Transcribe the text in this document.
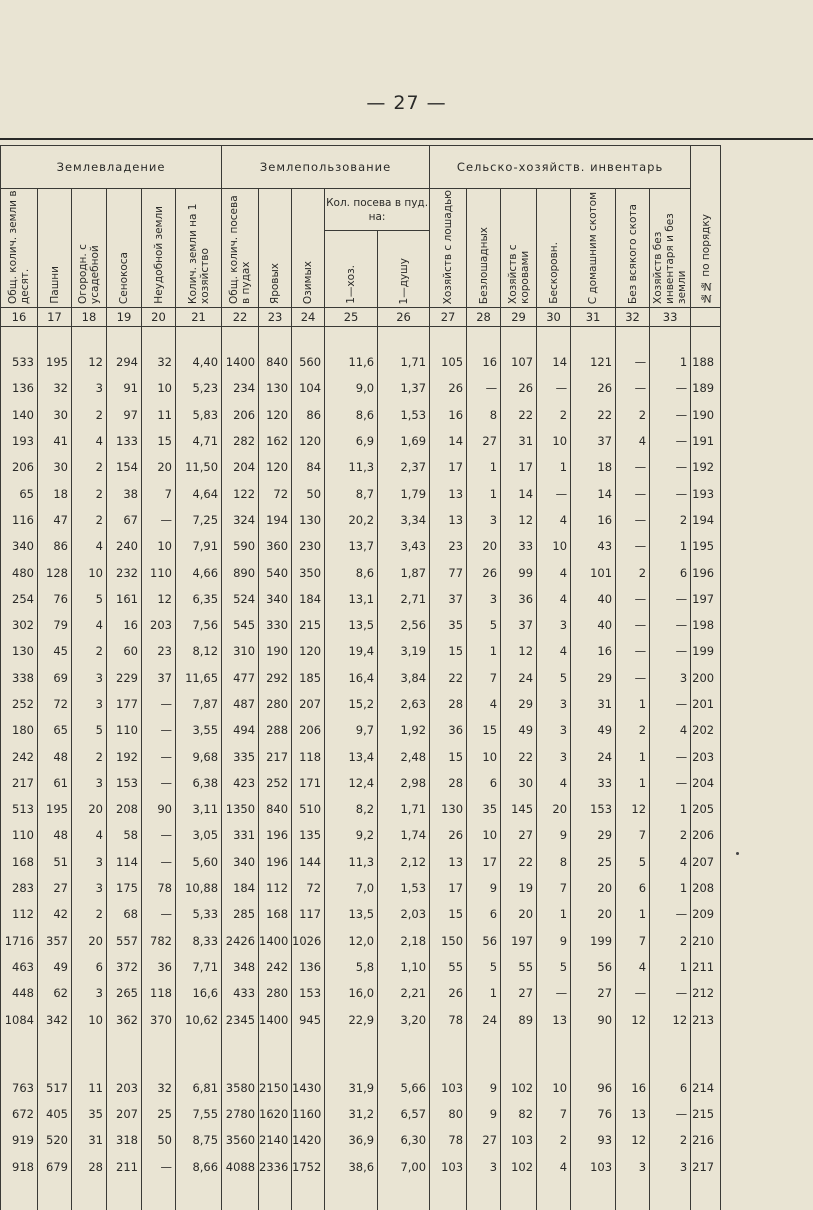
— 27 —
Землевладение						Землепользование					Сельско-хозяйств. инвентарь							№№ по порядку
Общ. колич. земли в десят.	Пашни	Огородн. с усадебной	Сенокоса	Неудобной земли	Колич. земли на 1 хозяйство	Общ. колич. посева в пудах	Яровых	Озимых	Кол. посева в пуд. на:		Хозяйств с лошадью	Безлошадных	Хозяйств с коровами	Бескоровн.	С домашним скотом	Без всякого скота	Хозяйств без инвентаря и без земли	
									1—хоз.	1—душу								
16	17	18	19	20	21	22	23	24	25	26	27	28	29	30	31	32	33	

533	195	12	294	32	4,40	1400	840	560	11,6	1,71	105	16	107	14	121	—	1	188
136	32	3	91	10	5,23	234	130	104	9,0	1,37	26	—	26	—	26	—	—	189
140	30	2	97	11	5,83	206	120	86	8,6	1,53	16	8	22	2	22	2	—	190
193	41	4	133	15	4,71	282	162	120	6,9	1,69	14	27	31	10	37	4	—	191
206	30	2	154	20	11,50	204	120	84	11,3	2,37	17	1	17	1	18	—	—	192
65	18	2	38	7	4,64	122	72	50	8,7	1,79	13	1	14	—	14	—	—	193
116	47	2	67	—	7,25	324	194	130	20,2	3,34	13	3	12	4	16	—	2	194
340	86	4	240	10	7,91	590	360	230	13,7	3,43	23	20	33	10	43	—	1	195
480	128	10	232	110	4,66	890	540	350	8,6	1,87	77	26	99	4	101	2	6	196
254	76	5	161	12	6,35	524	340	184	13,1	2,71	37	3	36	4	40	—	—	197
302	79	4	16	203	7,56	545	330	215	13,5	2,56	35	5	37	3	40	—	—	198
130	45	2	60	23	8,12	310	190	120	19,4	3,19	15	1	12	4	16	—	—	199
338	69	3	229	37	11,65	477	292	185	16,4	3,84	22	7	24	5	29	—	3	200
252	72	3	177	—	7,87	487	280	207	15,2	2,63	28	4	29	3	31	1	—	201
180	65	5	110	—	3,55	494	288	206	9,7	1,92	36	15	49	3	49	2	4	202
242	48	2	192	—	9,68	335	217	118	13,4	2,48	15	10	22	3	24	1	—	203
217	61	3	153	—	6,38	423	252	171	12,4	2,98	28	6	30	4	33	1	—	204
513	195	20	208	90	3,11	1350	840	510	8,2	1,71	130	35	145	20	153	12	1	205
110	48	4	58	—	3,05	331	196	135	9,2	1,74	26	10	27	9	29	7	2	206
168	51	3	114	—	5,60	340	196	144	11,3	2,12	13	17	22	8	25	5	4	207
283	27	3	175	78	10,88	184	112	72	7,0	1,53	17	9	19	7	20	6	1	208
112	42	2	68	—	5,33	285	168	117	13,5	2,03	15	6	20	1	20	1	—	209
1716	357	20	557	782	8,33	2426	1400	1026	12,0	2,18	150	56	197	9	199	7	2	210
463	49	6	372	36	7,71	348	242	136	5,8	1,10	55	5	55	5	56	4	1	211
448	62	3	265	118	16,6	433	280	153	16,0	2,21	26	1	27	—	27	—	—	212
1084	342	10	362	370	10,62	2345	1400	945	22,9	3,20	78	24	89	13	90	12	12	213

763	517	11	203	32	6,81	3580	2150	1430	31,9	5,66	103	9	102	10	96	16	6	214
672	405	35	207	25	7,55	2780	1620	1160	31,2	6,57	80	9	82	7	76	13	—	215
919	520	31	318	50	8,75	3560	2140	1420	36,9	6,30	78	27	103	2	93	12	2	216
918	679	28	211	—	8,66	4088	2336	1752	38,6	7,00	103	3	102	4	103	3	3	217
